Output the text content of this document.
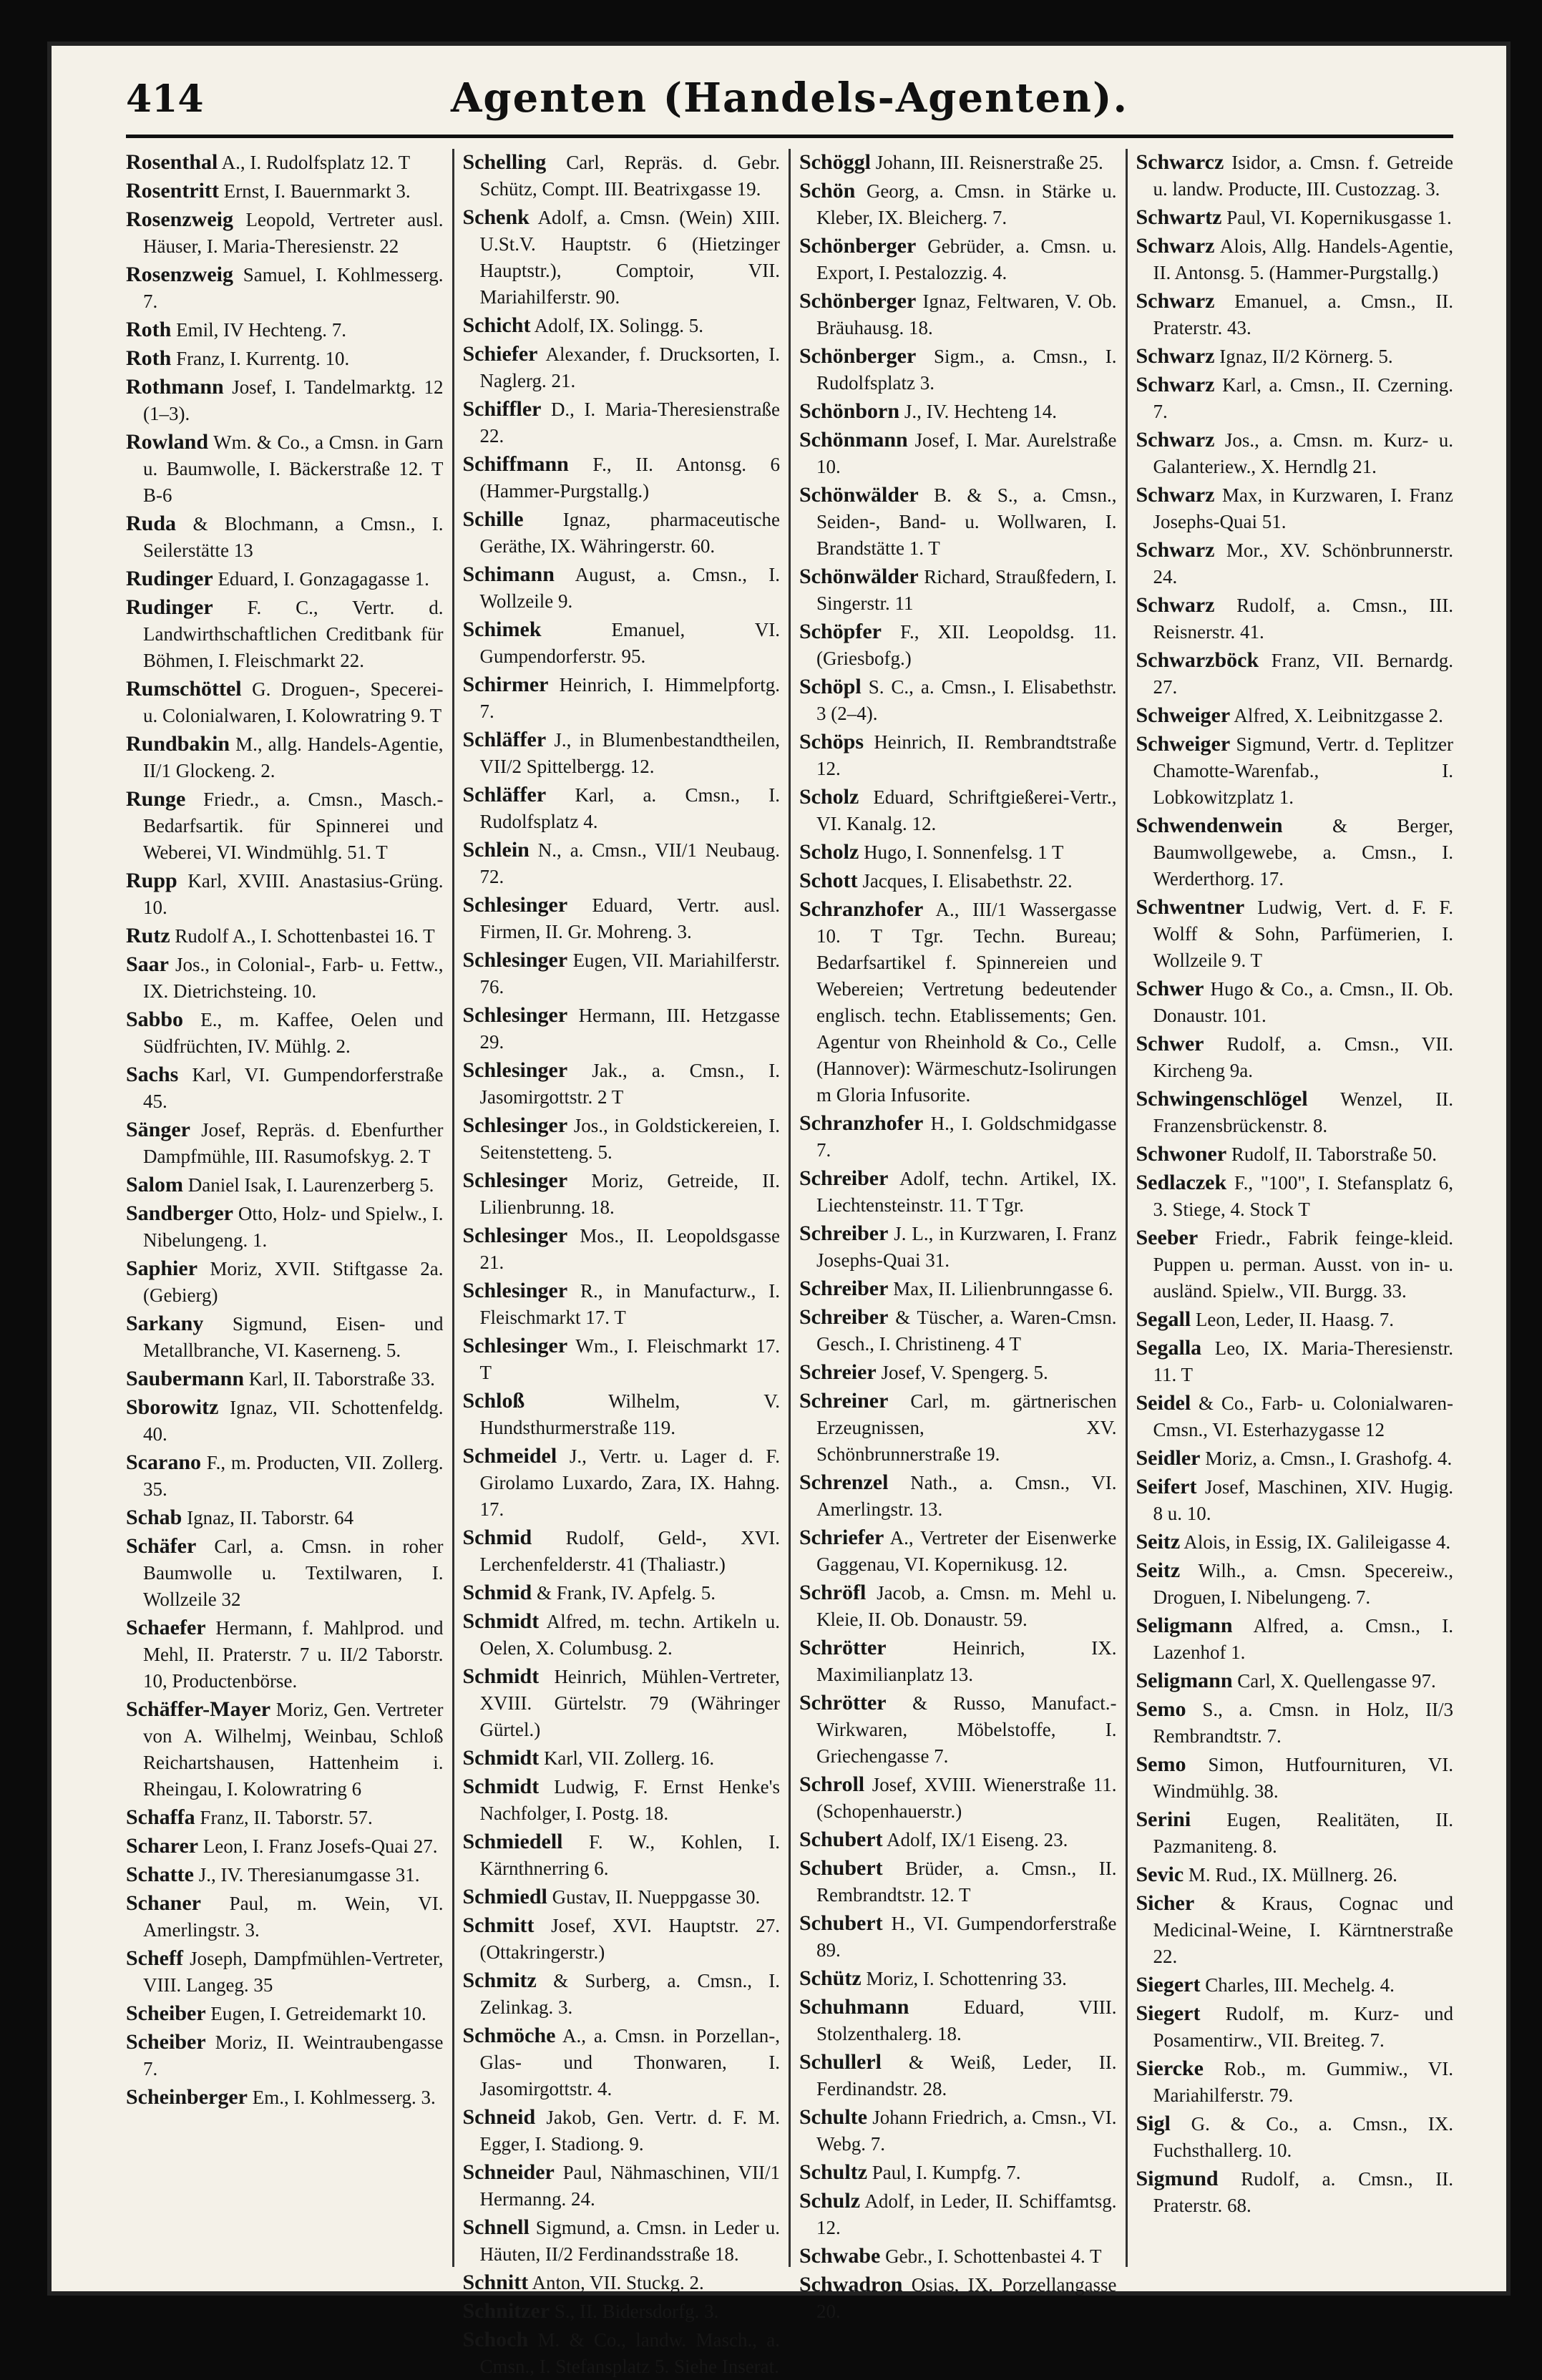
414	Agenten (Handels-Agenten).

Rosenthal A., I. Rudolfsplatz 12. T

Rosentritt Ernst, I. Bauernmarkt 3.

Rosenzweig Leopold, Vertreter ausl. Häuser, I. Maria-Theresienstr. 22

Rosenzweig Samuel, I. Kohlmesserg. 7.

Roth Emil, IV Hechteng. 7.

Roth Franz, I. Kurrentg. 10.

Rothmann Josef, I. Tandelmarktg. 12 (1–3).

Rowland Wm. & Co., a Cmsn. in Garn u. Baumwolle, I. Bäckerstraße 12. T B-6

Ruda & Blochmann, a Cmsn., I. Seilerstätte 13

Rudinger Eduard, I. Gonzagagasse 1.

Rudinger F. C., Vertr. d. Landwirthschaftlichen Creditbank für Böhmen, I. Fleischmarkt 22.

Rumschöttel G. Droguen-, Specerei- u. Colonialwaren, I. Kolowratring 9. T

Rundbakin M., allg. Handels-Agentie, II/1 Glockeng. 2.

Runge Friedr., a. Cmsn., Masch.-Bedarfsartik. für Spinnerei und Weberei, VI. Windmühlg. 51. T

Rupp Karl, XVIII. Anastasius-Grüng. 10.

Rutz Rudolf A., I. Schottenbastei 16. T

Saar Jos., in Colonial-, Farb- u. Fettw., IX. Dietrichsteing. 10.

Sabbo E., m. Kaffee, Oelen und Südfrüchten, IV. Mühlg. 2.

Sachs Karl, VI. Gumpendorferstraße 45.

Sänger Josef, Repräs. d. Ebenfurther Dampfmühle, III. Rasumofskyg. 2. T

Salom Daniel Isak, I. Laurenzerberg 5.

Sandberger Otto, Holz- und Spielw., I. Nibelungeng. 1.

Saphier Moriz, XVII. Stiftgasse 2a. (Gebierg)

Sarkany Sigmund, Eisen- und Metallbranche, VI. Kaserneng. 5.

Saubermann Karl, II. Taborstraße 33.

Sborowitz Ignaz, VII. Schottenfeldg. 40.

Scarano F., m. Producten, VII. Zollerg. 35.

Schab Ignaz, II. Taborstr. 64

Schäfer Carl, a. Cmsn. in roher Baumwolle u. Textilwaren, I. Wollzeile 32

Schaefer Hermann, f. Mahlprod. und Mehl, II. Praterstr. 7 u. II/2 Taborstr. 10, Productenbörse.

Schäffer-Mayer Moriz, Gen. Vertreter von A. Wilhelmj, Weinbau, Schloß Reichartshausen, Hattenheim i. Rheingau, I. Kolowratring 6

Schaffa Franz, II. Taborstr. 57.

Scharer Leon, I. Franz Josefs-Quai 27.

Schatte J., IV. Theresianumgasse 31.

Schaner Paul, m. Wein, VI. Amerlingstr. 3.

Scheff Joseph, Dampfmühlen-Vertreter, VIII. Langeg. 35

Scheiber Eugen, I. Getreidemarkt 10.

Scheiber Moriz, II. Weintraubengasse 7.

Scheinberger Em., I. Kohlmesserg. 3.

Schelling Carl, Repräs. d. Gebr. Schütz, Compt. III. Beatrixgasse 19.

Schenk Adolf, a. Cmsn. (Wein) XIII. U.St.V. Hauptstr. 6 (Hietzinger Hauptstr.), Comptoir, VII. Mariahilferstr. 90.

Schicht Adolf, IX. Solingg. 5.

Schiefer Alexander, f. Drucksorten, I. Naglerg. 21.

Schiffler D., I. Maria-Theresienstraße 22.

Schiffmann F., II. Antonsg. 6 (Hammer-Purgstallg.)

Schille Ignaz, pharmaceutische Geräthe, IX. Währingerstr. 60.

Schimann August, a. Cmsn., I. Wollzeile 9.

Schimek	Emanuel, VI. Gumpendorferstr. 95.

Schirmer Heinrich, I. Himmelpfortg. 7.

Schläffer J., in Blumenbestandtheilen, VII/2 Spittelbergg. 12.

Schläffer Karl, a. Cmsn., I. Rudolfsplatz 4.

Schlein N., a. Cmsn., VII/1 Neubaug. 72.

Schlesinger Eduard, Vertr. ausl. Firmen, II. Gr. Mohreng. 3.

Schlesinger Eugen, VII. Mariahilferstr. 76.

Schlesinger Hermann, III. Hetzgasse 29.

Schlesinger Jak., a. Cmsn., I. Jasomirgottstr. 2 T

Schlesinger Jos., in Goldstickereien, I. Seitenstetteng. 5.

Schlesinger Moriz, Getreide, II. Lilienbrunng. 18.

Schlesinger Mos., II. Leopoldsgasse 21.

Schlesinger R., in Manufacturw., I. Fleischmarkt 17. T

Schlesinger Wm., I. Fleischmarkt 17. T

Schloß	Wilhelm, V. Hundsthurmerstraße 119.

Schmeidel J., Vertr. u. Lager d. F. Girolamo Luxardo, Zara, IX. Hahng. 17.

Schmid Rudolf, Geld-, XVI. Lerchenfelderstr. 41 (Thaliastr.)

Schmid & Frank, IV. Apfelg. 5.

Schmidt Alfred, m. techn. Artikeln u. Oelen, X. Columbusg. 2.

Schmidt Heinrich, Mühlen-Vertreter, XVIII. Gürtelstr. 79 (Währinger Gürtel.)

Schmidt Karl, VII. Zollerg. 16.

Schmidt Ludwig, F. Ernst Henke's Nachfolger, I. Postg. 18.

Schmiedell F. W., Kohlen, I. Kärnthnerring 6.

Schmiedl Gustav, II. Nueppgasse 30.

Schmitt Josef, XVI. Hauptstr. 27. (Ottakringerstr.)

Schmitz & Surberg, a. Cmsn., I. Zelinkag. 3.

Schmöche A., a. Cmsn. in Porzellan-, Glas- und Thonwaren, I. Jasomirgottstr. 4.

Schneid Jakob, Gen. Vertr. d. F. M. Egger, I. Stadiong. 9.

Schneider Paul, Nähmaschinen, VII/1 Hermanng. 24.

Schnell Sigmund, a. Cmsn. in Leder u. Häuten, II/2 Ferdinandsstraße 18.

Schnitt Anton, VII. Stuckg. 2.

Schnitzer S., II. Bidersdorfg. 3.

Schoch M. & Co., landw. Masch., a. Cmsn., I. Stefansplatz 5. Siehe Inserat.

Schöggl Johann, III. Reisnerstraße 25.

Schön Georg, a. Cmsn. in Stärke u. Kleber, IX. Bleicherg. 7.

Schönberger Gebrüder, a. Cmsn. u. Export, I. Pestalozzig. 4.

Schönberger Ignaz, Feltwaren, V. Ob. Bräuhausg. 18.

Schönberger Sigm., a. Cmsn., I. Rudolfsplatz 3.

Schönborn J., IV. Hechteng 14.

Schönmann Josef, I. Mar. Aurelstraße 10.

Schönwälder B. & S., a. Cmsn., Seiden-, Band- u. Wollwaren, I. Brandstätte 1. T

Schönwälder Richard, Straußfedern, I. Singerstr. 11

Schöpfer F., XII. Leopoldsg. 11. (Griesbofg.)

Schöpl S. C., a. Cmsn., I. Elisabethstr. 3 (2–4).

Schöps Heinrich, II. Rembrandtstraße 12.

Scholz Eduard, Schriftgießerei-Vertr., VI. Kanalg. 12.

Scholz Hugo, I. Sonnenfelsg. 1 T

Schott Jacques, I. Elisabethstr. 22.

Schranzhofer A., III/1 Wassergasse 10. T Tgr. Techn. Bureau; Bedarfsartikel f. Spinnereien und Webereien; Vertretung bedeutender englisch. techn. Etablissements; Gen. Agentur von Rheinhold & Co., Celle (Hannover): Wärmeschutz-Isolirungen m Gloria Infusorite.

Schranzhofer H., I. Goldschmidgasse 7.

Schreiber Adolf, techn. Artikel, IX. Liechtensteinstr. 11. T Tgr.

Schreiber J. L., in Kurzwaren, I. Franz Josephs-Quai 31.

Schreiber Max, II. Lilienbrunngasse 6.

Schreiber & Tüscher, a. Waren-Cmsn. Gesch., I. Christineng. 4 T

Schreier Josef, V. Spengerg. 5.

Schreiner Carl, m. gärtnerischen Erzeugnissen, XV. Schönbrunnerstraße 19.

Schrenzel Nath., a. Cmsn., VI. Amerlingstr. 13.

Schriefer A., Vertreter der Eisenwerke Gaggenau, VI. Kopernikusg. 12.

Schröfl Jacob, a. Cmsn. m. Mehl u. Kleie, II. Ob. Donaustr. 59.

Schrötter	Heinrich, IX. Maximilianplatz 13.

Schrötter & Russo, Manufact.-Wirkwaren, Möbelstoffe, I. Griechengasse 7.

Schroll Josef, XVIII. Wienerstraße 11. (Schopenhauerstr.)

Schubert Adolf, IX/1 Eiseng. 23.

Schubert Brüder, a. Cmsn., II. Rembrandtstr. 12. T

Schubert H., VI. Gumpendorferstraße 89.

Schütz Moriz, I. Schottenring 33.

Schuhmann	Eduard, VIII. Stolzenthalerg. 18.

Schullerl & Weiß, Leder, II. Ferdinandstr. 28.

Schulte Johann Friedrich, a. Cmsn., VI. Webg. 7.

Schultz Paul, I. Kumpfg. 7.

Schulz Adolf, in Leder, II. Schiffamtsg. 12.

Schwabe Gebr., I. Schottenbastei 4. T

Schwadron Osias, IX. Porzellangasse 20.

Schwarcz Isidor, a. Cmsn. f. Getreide u. landw. Producte, III. Custozzag. 3.

Schwartz Paul, VI. Kopernikusgasse 1.

Schwarz Alois, Allg. Handels-Agentie, II. Antonsg. 5. (Hammer-Purgstallg.)

Schwarz Emanuel, a. Cmsn., II. Praterstr. 43.

Schwarz Ignaz, II/2 Körnerg. 5.

Schwarz Karl, a. Cmsn., II. Czerning. 7.

Schwarz Jos., a. Cmsn. m. Kurz- u. Galanteriew., X. Herndlg 21.

Schwarz Max, in Kurzwaren, I. Franz Josephs-Quai 51.

Schwarz Mor., XV. Schönbrunnerstr. 24.

Schwarz Rudolf, a. Cmsn., III. Reisnerstr. 41.

Schwarzböck Franz, VII. Bernardg. 27.

Schweiger Alfred, X. Leibnitzgasse 2.

Schweiger Sigmund, Vertr. d. Teplitzer Chamotte-Warenfab., I. Lobkowitzplatz 1.

Schwendenwein	& Berger, Baumwollgewebe, a. Cmsn., I. Werderthorg. 17.

Schwentner Ludwig, Vert. d. F. F. Wolff & Sohn, Parfümerien, I. Wollzeile 9. T

Schwer Hugo & Co., a. Cmsn., II. Ob. Donaustr. 101.

Schwer Rudolf, a. Cmsn., VII. Kircheng 9a.

Schwingenschlögel Wenzel, II. Franzensbrückenstr. 8.

Schwoner Rudolf, II. Taborstraße 50.

Sedlaczek F., "100", I. Stefansplatz 6, 3. Stiege, 4. Stock T

Seeber Friedr., Fabrik feinge-kleid. Puppen u. perman. Ausst. von in- u. ausländ. Spielw., VII. Burgg. 33.

Segall Leon, Leder, II. Haasg. 7.

Segalla Leo, IX. Maria-Theresienstr. 11. T

Seidel & Co., Farb- u. Colonialwaren-Cmsn., VI. Esterhazygasse 12

Seidler Moriz, a. Cmsn., I. Grashofg. 4.

Seifert Josef, Maschinen, XIV. Hugig. 8 u. 10.

Seitz Alois, in Essig, IX. Galileigasse 4.

Seitz Wilh., a. Cmsn. Specereiw., Droguen, I. Nibelungeng. 7.

Seligmann Alfred, a. Cmsn., I. Lazenhof 1.

Seligmann Carl, X. Quellengasse 97.

Semo S., a. Cmsn. in Holz, II/3 Rembrandtstr. 7.

Semo Simon, Hutfournituren, VI. Windmühlg. 38.

Serini Eugen, Realitäten, II. Pazmaniteng. 8.

Sevic M. Rud., IX. Müllnerg. 26.

Sicher & Kraus, Cognac und Medicinal-Weine, I. Kärntnerstraße 22.

Siegert Charles, III. Mechelg. 4.

Siegert Rudolf, m. Kurz- und Posamentirw., VII. Breiteg. 7.

Siercke Rob., m. Gummiw., VI. Mariahilferstr. 79.

Sigl G. & Co., a. Cmsn., IX. Fuchsthallerg. 10.

Sigmund Rudolf, a. Cmsn., II. Praterstr. 68.
